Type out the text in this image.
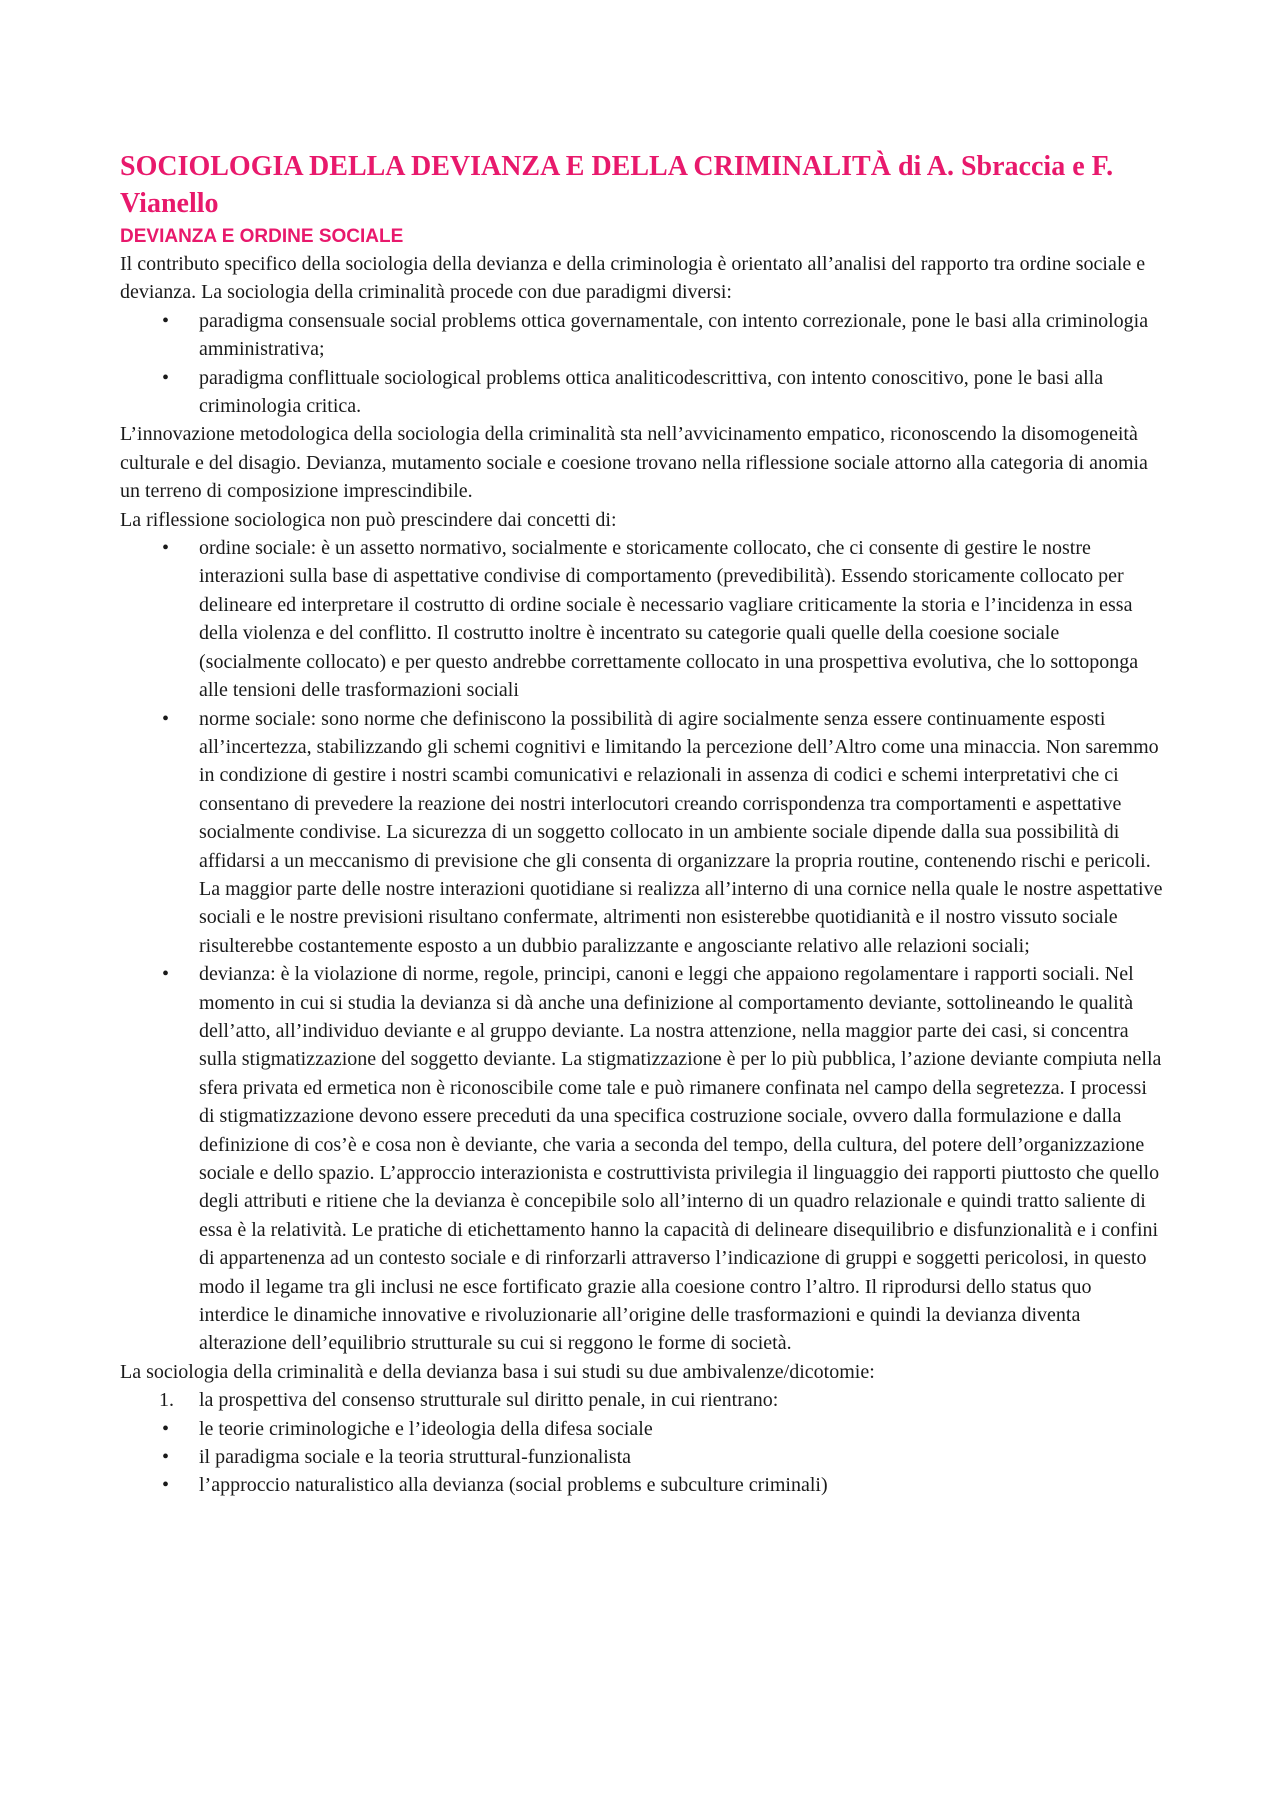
SOCIOLOGIA DELLA DEVIANZA E DELLA CRIMINALITÀ di A. Sbraccia e F. Vianello
DEVIANZA E ORDINE SOCIALE

Il contributo specifico della sociologia della devianza e della criminologia è orientato all’analisi del rapporto tra ordine sociale e devianza. La sociologia della criminalità procede con due paradigmi diversi:

• paradigma consensuale social problems ottica governamentale, con intento correzionale, pone le basi alla criminologia amministrativa;
• paradigma conflittuale sociological problems ottica analiticodescrittiva, con intento conoscitivo, pone le basi alla criminologia critica.

L’innovazione metodologica della sociologia della criminalità sta nell’avvicinamento empatico, riconoscendo la disomogeneità culturale e del disagio. Devianza, mutamento sociale e coesione trovano nella riflessione sociale attorno alla categoria di anomia un terreno di composizione imprescindibile.

La riflessione sociologica non può prescindere dai concetti di:

• ordine sociale: è un assetto normativo, socialmente e storicamente collocato, che ci consente di gestire le nostre interazioni sulla base di aspettative condivise di comportamento (prevedibilità). Essendo storicamente collocato per delineare ed interpretare il costrutto di ordine sociale è necessario vagliare criticamente la storia e l’incidenza in essa della violenza e del conflitto. Il costrutto inoltre è incentrato su categorie quali quelle della coesione sociale (socialmente collocato) e per questo andrebbe correttamente collocato in una prospettiva evolutiva, che lo sottoponga alle tensioni delle trasformazioni sociali
• norme sociale: sono norme che definiscono la possibilità di agire socialmente senza essere continuamente esposti all’incertezza, stabilizzando gli schemi cognitivi e limitando la percezione dell’Altro come una minaccia. Non saremmo in condizione di gestire i nostri scambi comunicativi e relazionali in assenza di codici e schemi interpretativi che ci consentano di prevedere la reazione dei nostri interlocutori creando corrispondenza tra comportamenti e aspettative socialmente condivise. La sicurezza di un soggetto collocato in un ambiente sociale dipende dalla sua possibilità di affidarsi a un meccanismo di previsione che gli consenta di organizzare la propria routine, contenendo rischi e pericoli. La maggior parte delle nostre interazioni quotidiane si realizza all’interno di una cornice nella quale le nostre aspettative sociali e le nostre previsioni risultano confermate, altrimenti non esisterebbe quotidianità e il nostro vissuto sociale risulterebbe costantemente esposto a un dubbio paralizzante e angosciante relativo alle relazioni sociali;
• devianza: è la violazione di norme, regole, principi, canoni e leggi che appaiono regolamentare i rapporti sociali. Nel momento in cui si studia la devianza si dà anche una definizione al comportamento deviante, sottolineando le qualità dell’atto, all’individuo deviante e al gruppo deviante. La nostra attenzione, nella maggior parte dei casi, si concentra sulla stigmatizzazione del soggetto deviante. La stigmatizzazione è per lo più pubblica, l’azione deviante compiuta nella sfera privata ed ermetica non è riconoscibile come tale e può rimanere confinata nel campo della segretezza. I processi di stigmatizzazione devono essere preceduti da una specifica costruzione sociale, ovvero dalla formulazione e dalla definizione di cos’è e cosa non è deviante, che varia a seconda del tempo, della cultura, del potere dell’organizzazione sociale e dello spazio. L’approccio interazionista e costruttivista privilegia il linguaggio dei rapporti piuttosto che quello degli attributi e ritiene che la devianza è concepibile solo all’interno di un quadro relazionale e quindi tratto saliente di essa è la relatività. Le pratiche di etichettamento hanno la capacità di delineare disequilibrio e disfunzionalità e i confini di appartenenza ad un contesto sociale e di rinforzarli attraverso l’indicazione di gruppi e soggetti pericolosi, in questo modo il legame tra gli inclusi ne esce fortificato grazie alla coesione contro l’altro. Il riprodursi dello status quo interdice le dinamiche innovative e rivoluzionarie all’origine delle trasformazioni e quindi la devianza diventa alterazione dell’equilibrio strutturale su cui si reggono le forme di società.

La sociologia della criminalità e della devianza basa i sui studi su due ambivalenze/dicotomie:

1. la prospettiva del consenso strutturale sul diritto penale, in cui rientrano:
• le teorie criminologiche e l’ideologia della difesa sociale
• il paradigma sociale e la teoria struttural-funzionalista
• l’approccio naturalistico alla devianza (social problems e subculture criminali)
